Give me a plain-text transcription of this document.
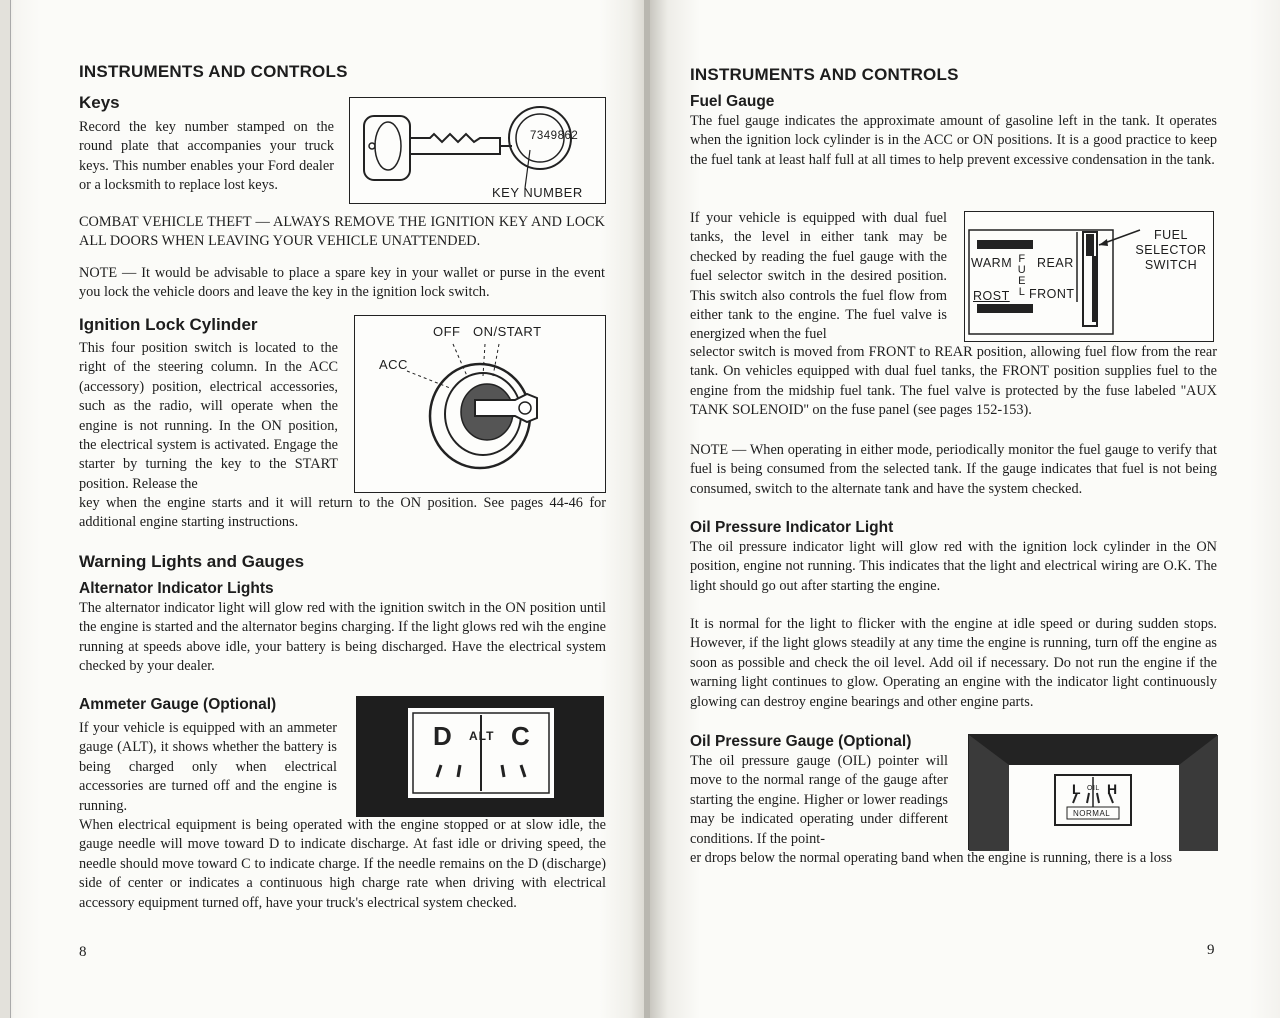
INSTRUMENTS AND CONTROLS
Keys

Record the key number stamped on the round plate that accompanies your truck keys. This number enables your Ford dealer or a locksmith to replace lost keys.

7349862
KEY NUMBER

COMBAT VEHICLE THEFT — ALWAYS REMOVE THE IGNITION KEY AND LOCK ALL DOORS WHEN LEAVING YOUR VEHICLE UNATTENDED.

NOTE — It would be advisable to place a spare key in your wallet or purse in the event you lock the vehicle doors and leave the key in the ignition lock switch.

Ignition Lock Cylinder

This four position switch is located to the right of the steering column. In the ACC (accessory) position, electrical accessories, such as the radio, will operate when the engine is not running. In the ON position, the electrical system is activated. Engage the starter by turning the key to the START position. Release the

OFF ON/START
ACC

key when the engine starts and it will return to the ON position. See pages 44-46 for additional engine starting instructions.

Warning Lights and Gauges
Alternator Indicator Lights

The alternator indicator light will glow red with the ignition switch in the ON position until the engine is started and the alternator begins charging. If the light glows red wih the engine running at speeds above idle, your battery is being discharged. Have the electrical system checked by your dealer.

Ammeter Gauge (Optional)

If your vehicle is equipped with an ammeter gauge (ALT), it shows whether the battery is being charged only when electrical accessories are turned off and the engine is running.

D ALT C

When electrical equipment is being operated with the engine stopped or at slow idle, the gauge needle will move toward D to indicate discharge. At fast idle or driving speed, the needle should move toward C to indicate charge. If the needle remains on the D (discharge) side of center or indicates a continuous high charge rate when driving with electrical accessory equipment turned off, have your truck's electrical system checked.

8
INSTRUMENTS AND CONTROLS
Fuel Gauge

The fuel gauge indicates the approximate amount of gasoline left in the tank. It operates when the ignition lock cylinder is in the ACC or ON positions. It is a good practice to keep the fuel tank at least half full at all times to help prevent excessive condensation in the tank.

If your vehicle is equipped with dual fuel tanks, the level in either tank may be checked by reading the fuel gauge with the fuel selector switch in the desired position. This switch also controls the fuel flow from either tank to the engine. The fuel valve is energized when the fuel

WARM REAR
FUEL
ROST FRONT
FUEL SELECTOR SWITCH

selector switch is moved from FRONT to REAR position, allowing fuel flow from the rear tank. On vehicles equipped with dual fuel tanks, the FRONT position supplies fuel to the engine from the midship fuel tank. The fuel valve is protected by the fuse labeled ''AUX TANK SOLENOID'' on the fuse panel (see pages 152-153).

NOTE — When operating in either mode, periodically monitor the fuel gauge to verify that fuel is being consumed from the selected tank. If the gauge indicates that fuel is not being consumed, switch to the alternate tank and have the system checked.

Oil Pressure Indicator Light

The oil pressure indicator light will glow red with the ignition lock cylinder in the ON position, engine not running. This indicates that the light and electrical wiring are O.K. The light should go out after starting the engine.

It is normal for the light to flicker with the engine at idle speed or during sudden stops. However, if the light glows steadily at any time the engine is running, turn off the engine as soon as possible and check the oil level. Add oil if necessary. Do not run the engine if the warning light continues to glow. Operating an engine with the indicator light continuously glowing can destroy engine bearings and other engine parts.

Oil Pressure Gauge (Optional)

The oil pressure gauge (OIL) pointer will move to the normal range of the gauge after starting the engine. Higher or lower readings may be indicated operating under different conditions. If the point-

L OIL H
NORMAL

er drops below the normal operating band when the engine is running, there is a loss

9
